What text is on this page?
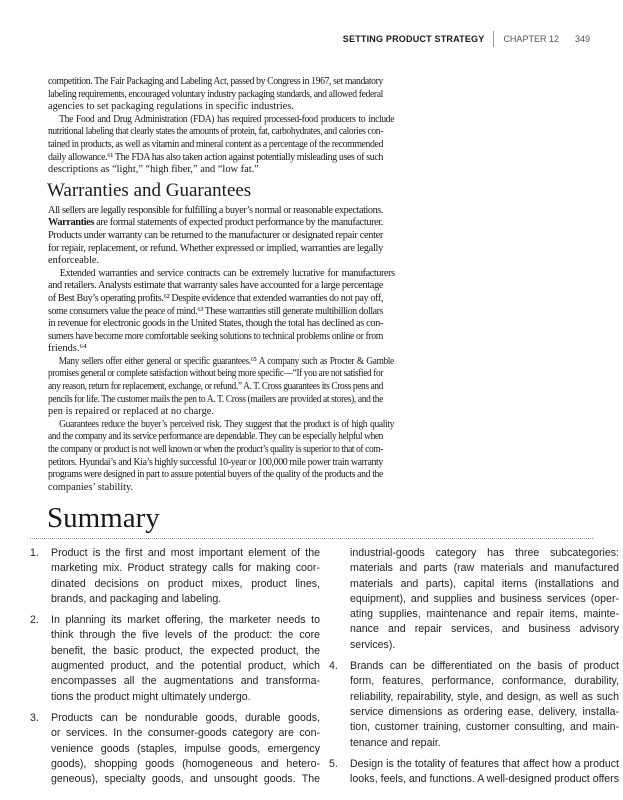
SETTING PRODUCT STRATEGY CHAPTER 12 349
competition. The Fair Packaging and Labeling Act, passed by Congress in 1967, set mandatory
labeling requirements, encouraged voluntary industry packaging standards, and allowed federal
agencies to set packaging regulations in specific industries.
The Food and Drug Administration (FDA) has required processed-food producers to include
nutritional labeling that clearly states the amounts of protein, fat, carbohydrates, and calories con-
tained in products, as well as vitamin and mineral content as a percentage of the recommended
daily allowance.⁶¹ The FDA has also taken action against potentially misleading uses of such
descriptions as “light,” “high fiber,” and “low fat.”
Warranties and Guarantees
All sellers are legally responsible for fulfilling a buyer’s normal or reasonable expectations.
Warranties are formal statements of expected product performance by the manufacturer.
Products under warranty can be returned to the manufacturer or designated repair center
for repair, replacement, or refund. Whether expressed or implied, warranties are legally
enforceable.
Extended warranties and service contracts can be extremely lucrative for manufacturers
and retailers. Analysts estimate that warranty sales have accounted for a large percentage
of Best Buy’s operating profits.⁶² Despite evidence that extended warranties do not pay off,
some consumers value the peace of mind.⁶³ These warranties still generate multibillion dollars
in revenue for electronic goods in the United States, though the total has declined as con-
sumers have become more comfortable seeking solutions to technical problems online or from
friends.⁶⁴
Many sellers offer either general or specific guarantees.⁶⁵ A company such as Procter & Gamble
promises general or complete satisfaction without being more specific—“If you are not satisfied for
any reason, return for replacement, exchange, or refund.” A. T. Cross guarantees its Cross pens and
pencils for life. The customer mails the pen to A. T. Cross (mailers are provided at stores), and the
pen is repaired or replaced at no charge.
Guarantees reduce the buyer’s perceived risk. They suggest that the product is of high quality
and the company and its service performance are dependable. They can be especially helpful when
the company or product is not well known or when the product’s quality is superior to that of com-
petitors. Hyundai’s and Kia’s highly successful 10-year or 100,000 mile power train warranty
programs were designed in part to assure potential buyers of the quality of the products and the
companies’ stability.
Summary
1. Product is the first and most important element of the
marketing mix. Product strategy calls for making coor-
dinated decisions on product mixes, product lines,
brands, and packaging and labeling.
2. In planning its market offering, the marketer needs to
think through the five levels of the product: the core
benefit, the basic product, the expected product, the
augmented product, and the potential product, which
encompasses all the augmentations and transforma-
tions the product might ultimately undergo.
3. Products can be nondurable goods, durable goods,
or services. In the consumer-goods category are con-
venience goods (staples, impulse goods, emergency
goods), shopping goods (homogeneous and hetero-
geneous), specialty goods, and unsought goods. The
industrial-goods category has three subcategories:
materials and parts (raw materials and manufactured
materials and parts), capital items (installations and
equipment), and supplies and business services (oper-
ating supplies, maintenance and repair items, mainte-
nance and repair services, and business advisory
services).
4. Brands can be differentiated on the basis of product
form, features, performance, conformance, durability,
reliability, repairability, style, and design, as well as such
service dimensions as ordering ease, delivery, installa-
tion, customer training, customer consulting, and main-
tenance and repair.
5. Design is the totality of features that affect how a product
looks, feels, and functions. A well-designed product offers
